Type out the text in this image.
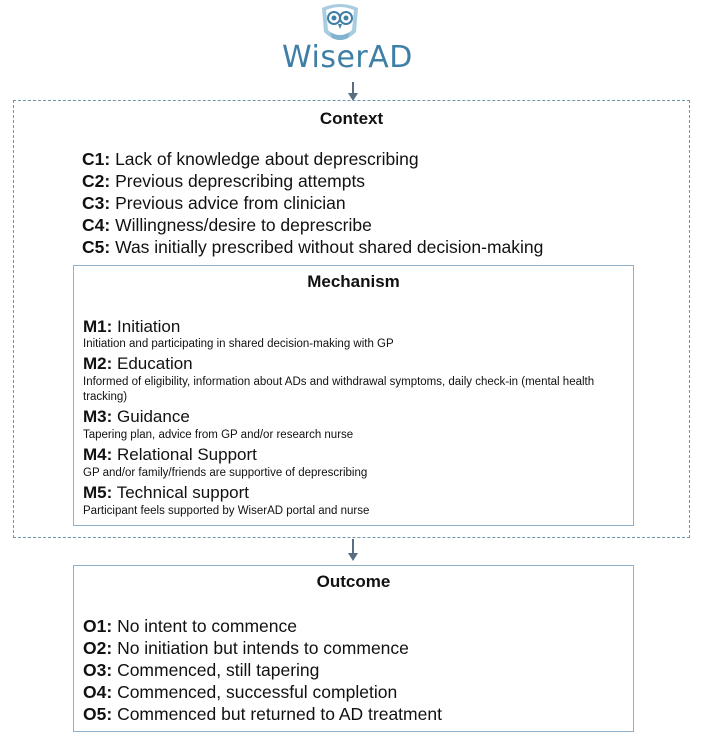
WiserAD
Context
C1: Lack of knowledge about deprescribing
C2: Previous deprescribing attempts
C3: Previous advice from clinician
C4: Willingness/desire to deprescribe
C5: Was initially prescribed without shared decision-making
Mechanism
M1: Initiation
Initiation and participating in shared decision-making with GP
M2: Education
Informed of eligibility, information about ADs and withdrawal symptoms, daily check-in (mental health tracking)
M3: Guidance
Tapering plan, advice from GP and/or research nurse
M4: Relational Support
GP and/or family/friends are supportive of deprescribing
M5: Technical support
Participant feels supported by WiserAD portal and nurse
Outcome
O1: No intent to commence
O2: No initiation but intends to commence
O3: Commenced, still tapering
O4: Commenced, successful completion
O5: Commenced but returned to AD treatment
